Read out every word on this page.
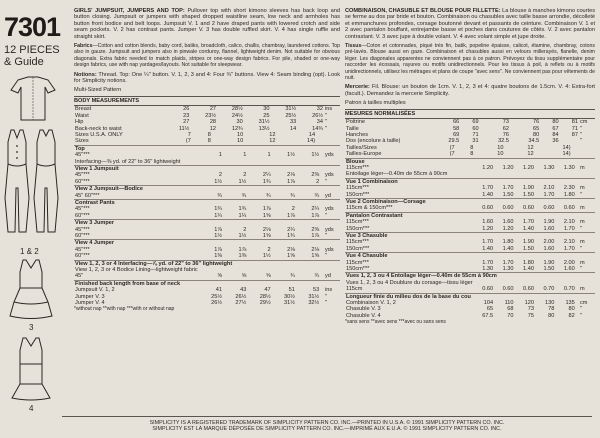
7301
12 PIECES
& Guide
1 & 2
3
4

GIRLS' JUMPSUIT, JUMPERS AND TOP: Pullover top with short kimono sleeves has back loop and button closing. Jumpsuit or jumpers with shaped dropped waistline seam, low neck and armholes has button front bodice and belt loops. Jumpsuit V. 1 and 2 have draped pants with lowered crotch and side seam pockets. V. 2 has contrast pants. Jumper V. 3 has double ruffled skirt. V. 4 has single ruffle and straight skirt.

Fabrics—Cotton and cotton blends, baby cord, batiks, broadcloth, calico, challis, chambray, laundered cottons. Top also in gauze. Jumpsuit and jumpers also in pinwale corduroy, flannel, lightweight denim. Not suitable for obvious diagonals. Extra fabric needed to match plaids, stripes or one-way design fabrics. For pile, shaded or one-way design fabrics, use with nap yardages/layouts. Not suitable for sleepwear.

Notions: Thread. Top: One ¼" button. V. 1, 2, 3 and 4: Four ¾" buttons. View 4: Seam binding (opt). Look for Simplicity notions.

Multi-Sized Pattern
BODY MEASUREMENTS
Breast	26	27	28½	30	31½	32	ins
Waist	23	23½	24½	25	25½	26½	"
Hip	27	28	30	31½	33	34	"
Back-neck to waist	11½	12	12¾	13½	14	14¾	"
Sizes U.S.A. ONLY	7	8	10	12	14		
Sizes	(7	8	10	12	14)		
Top							
45"***	1	1	1	1½	1½		yds
Interfacing—⅜ yd. of 22" to 36" lightweight							
View 1 Jumpsuit							
45"***	2	2	2¼	2⅛	2⅜		yds
60"***	1½	1½	1¾	1⅞	2		"
View 2 Jumpsuit—Bodice							
45" 60"***	¾	¾	¾	¾	¾		yd
Contrast Pants							
45"***	1¾	1¾	1⅞	2	2¼		yds
60"***	1¼	1¼	1⅝	1⅞	1⅞		"
View 3 Jumper							
45"***	1⅞	2	2⅛	2¼	2⅜		yds
60"***	1½	1½	1⅝	1¾	1⅞		"
View 4 Jumper							
45"***	1⅞	1⅞	2	2⅛	2⅛		yds
60"***	1⅜	1⅜	1½	1⅝	1⅝		"
View 1, 2, 3 or 4 Interfacing—⅞ yd. of 22" to 36" lightweight							
View 1, 2, 3 or 4 Bodice Lining—lightweight fabric							
45"	⅝	⅝	⅝	¾	¾		yd
Finished back length from base of neck							
Jumpsuit V. 1, 2	41	43	47	51	53		ins
Jumper V. 3	25½	26½	28½	30½	31½		"
Jumper V. 4	26½	27½	29½	31½	32½		"
*without nap **with nap ***with or without nap

COMBINAISON, CHASUBLE ET BLOUSE POUR FILLETTE: La blouse à manches kimono courtes se ferme au dos par bride et bouton. Combinaison ou chasubles avec taille basse arrondie, décolleté et emmanchures profondes, corsage boutonné devant et passants de ceinture. Combinaison V. 1 et 2 avec pantalon bouffant, entrejambe basse et poches dans coutures de côtés. V. 2 avec pantalon contrastant. V. 3 avec jupe à double volant. V. 4 avec volant simple et jupe droite.

Tissus—Coton et cotonnades, piqué très fin, batik, popeline épaisse, calicot, étamine, chambray, cotons pré-lavés. Blouse aussi en gaze. Combinaison et chasubles aussi en velours millerayés, flanelle, denim léger. Les diagonales apparentes ne conviennent pas à ce patron. Prévoyez du tissu supplémentaire pour raccorder les écossais, rayures ou motifs unidirectionnels. Pour les tissus à poil, à reflets ou à motifs unidirectionnels, utilisez les métrages et plans de coupe "avec sens". Ne conviennent pas pour vêtements de nuit.

Mercerie: Fil. Blouse: un bouton de 1cm. V. 1, 2, 3 et 4: quatre boutons de 1.5cm. V. 4: Extra-fort (facult.). Demandez la mercerie Simplicity.

Patron à tailles multiples
MESURES NORMALISÉES
Poitrine	66	69	73	76	80	81	cm
Taille	58	60	62	65	67	71	"
Hanches	69	71	76	80	84	87	"
Dos (encolure à taille)	29.5	31	32.5	34.5	36		"
Tailles/Sizes	(7	8	10	12	14)		
Tailles-Europe	(7	8	10	12	14)		
Blouse							
115cm***	1.20	1.20	1.20	1.30	1.30		m
Entoilage léger—0.40m de 55cm à 90cm							
Vue 1 Combinaison							
115cm***	1.70	1.70	1.90	2.10	2.30		m
150cm***	1.40	1.50	1.50	1.70	1.80		"
Vue 2 Combinaison—Corsage							
115cm & 150cm***	0.60	0.60	0.60	0.60	0.60		m
Pantalon Contrastant							
115cm***	1.60	1.60	1.70	1.90	2.10		m
150cm***	1.20	1.20	1.40	1.60	1.70		"
Vue 3 Chasuble							
115cm***	1.70	1.80	1.90	2.00	2.10		m
150cm***	1.40	1.40	1.50	1.60	1.70		"
Vue 4 Chasuble							
115cm***	1.70	1.70	1.80	1.90	2.00		m
150cm***	1.30	1.30	1.40	1.50	1.60		"
Vues 1, 2, 3 ou 4 Entoilage léger—0.40m de 55cm à 90cm							
Vues 1, 2, 3 ou 4 Doublure du corsage—tissu léger							
115cm	0.60	0.60	0.60	0.70	0.70		m
Longueur finie du milieu dos de la base du cou							
Combinaison V. 1, 2	104	110	120	130	135		cm
Chasuble V. 3	65	68	73	78	80		"
Chasuble V. 4	67.5	70	75	80	82		"
*sans sens **avec sens ***avec ou sans sens
SIMPLICITY IS A REGISTERED TRADEMARK OF SIMPLICITY PATTERN CO. INC.—PRINTED IN U.S.A. © 1991 SIMPLICITY PATTERN CO. INC.
SIMPLICITY EST LA MARQUE DÉPOSÉE DE SIMPLICITY PATTERN CO. INC.—IMPRIMÉ AUX E.U.A. © 1991 SIMPLICITY PATTERN CO. INC.
